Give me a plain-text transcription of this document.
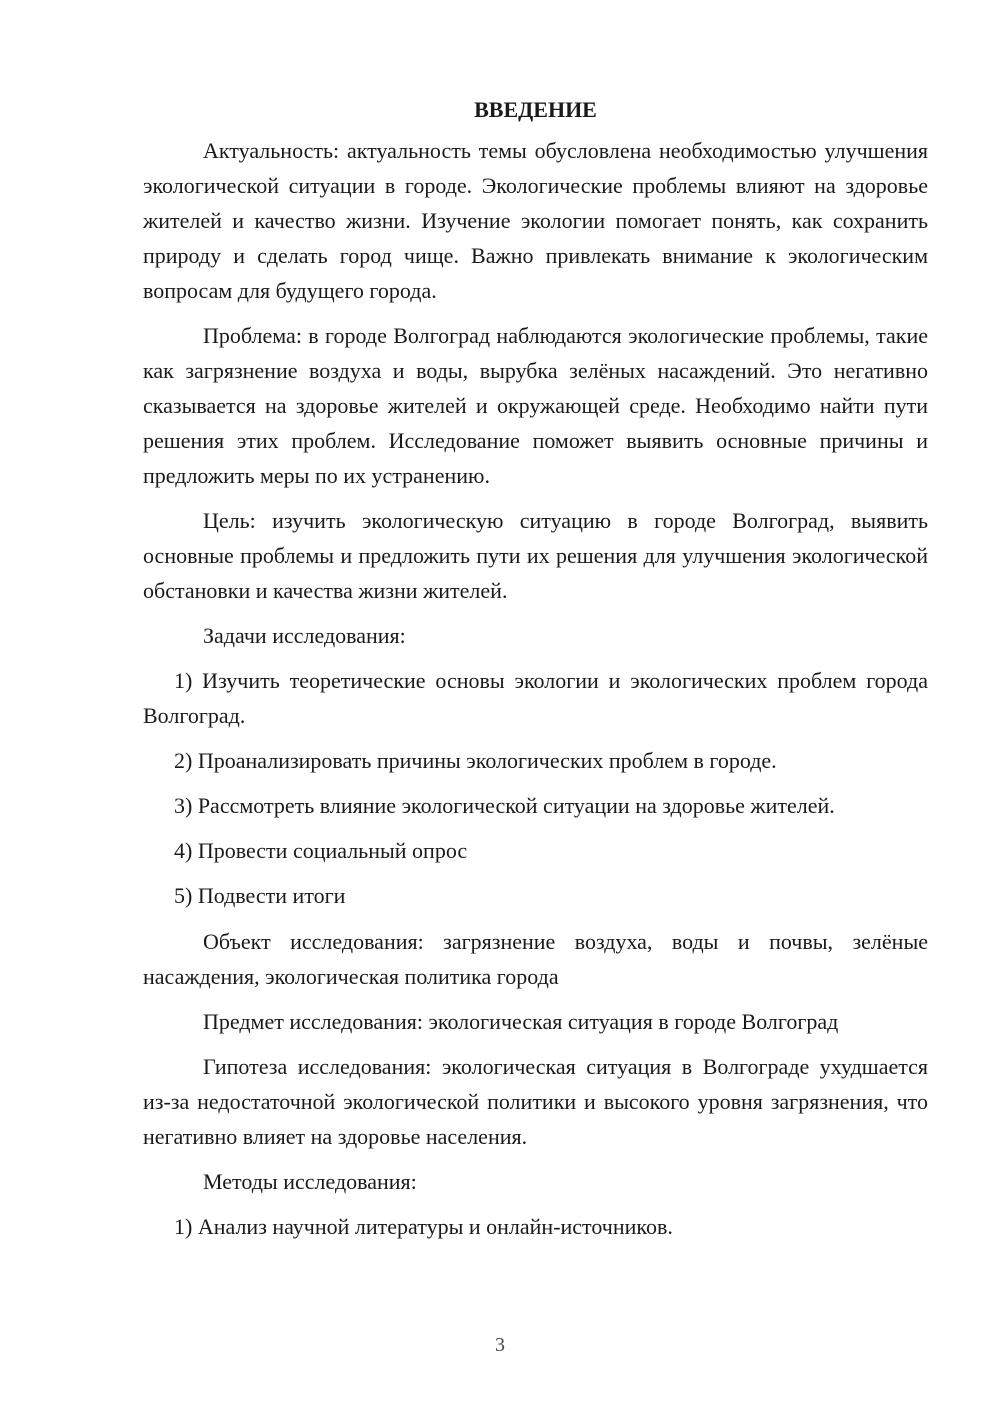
ВВЕДЕНИЕ

Актуальность: актуальность темы обусловлена необходимостью улучшения экологической ситуации в городе. Экологические проблемы влияют на здоровье жителей и качество жизни. Изучение экологии помогает понять, как сохранить природу и сделать город чище. Важно привлекать внимание к экологическим вопросам для будущего города.

Проблема: в городе Волгоград наблюдаются экологические проблемы, такие как загрязнение воздуха и воды, вырубка зелёных насаждений. Это негативно сказывается на здоровье жителей и окружающей среде. Необходимо найти пути решения этих проблем. Исследование поможет выявить основные причины и предложить меры по их устранению.

Цель: изучить экологическую ситуацию в городе Волгоград, выявить основные проблемы и предложить пути их решения для улучшения экологической обстановки и качества жизни жителей.

Задачи исследования:

1) Изучить теоретические основы экологии и экологических проблем города Волгоград.

2) Проанализировать причины экологических проблем в городе.

3) Рассмотреть влияние экологической ситуации на здоровье жителей.

4) Провести социальный опрос

5) Подвести итоги

Объект исследования: загрязнение воздуха, воды и почвы, зелёные насаждения, экологическая политика города

Предмет исследования: экологическая ситуация в городе Волгоград

Гипотеза исследования: экологическая ситуация в Волгограде ухудшается из-за недостаточной экологической политики и высокого уровня загрязнения, что негативно влияет на здоровье населения.

Методы исследования:

1) Анализ научной литературы и онлайн-источников.

3
